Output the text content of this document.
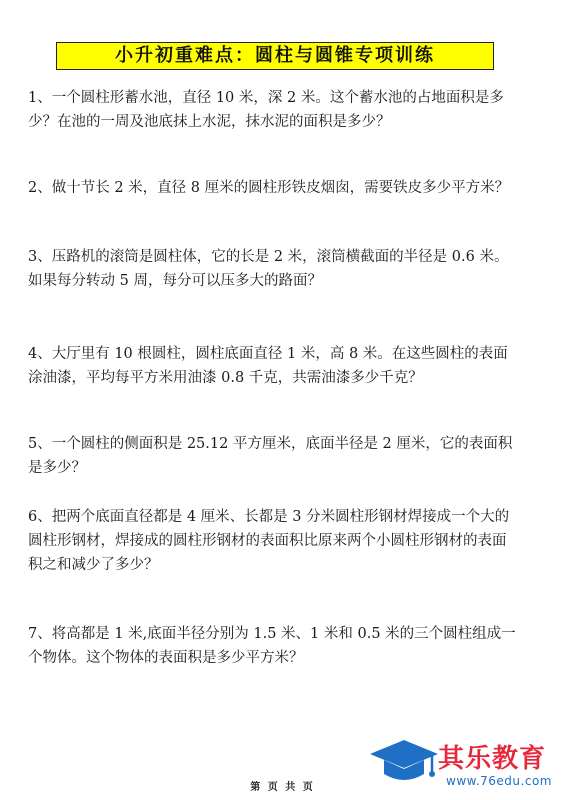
小升初重难点：圆柱与圆锥专项训练
1、一个圆柱形蓄水池，直径 10 米，深 2 米。这个蓄水池的占地面积是多
少？在池的一周及池底抹上水泥，抹水泥的面积是多少？
2、做十节长 2 米，直径 8 厘米的圆柱形铁皮烟囱，需要铁皮多少平方米？
3、压路机的滚筒是圆柱体，它的长是 2 米，滚筒横截面的半径是 0.6 米。
如果每分转动 5 周，每分可以压多大的路面？
4、大厅里有 10 根圆柱，圆柱底面直径 1 米，高 8 米。在这些圆柱的表面
涂油漆，平均每平方米用油漆 0.8 千克，共需油漆多少千克？
5、一个圆柱的侧面积是 25.12 平方厘米，底面半径是 2 厘米，它的表面积
是多少？
6、把两个底面直径都是 4 厘米、长都是 3 分米圆柱形钢材焊接成一个大的
圆柱形钢材，焊接成的圆柱形钢材的表面积比原来两个小圆柱形钢材的表面
积之和减少了多少？
7、将高都是 1 米,底面半径分别为 1.5 米、1 米和 0.5 米的三个圆柱组成一
个物体。这个物体的表面积是多少平方米？
第 页 共 页
其乐教育
www.76edu.com
